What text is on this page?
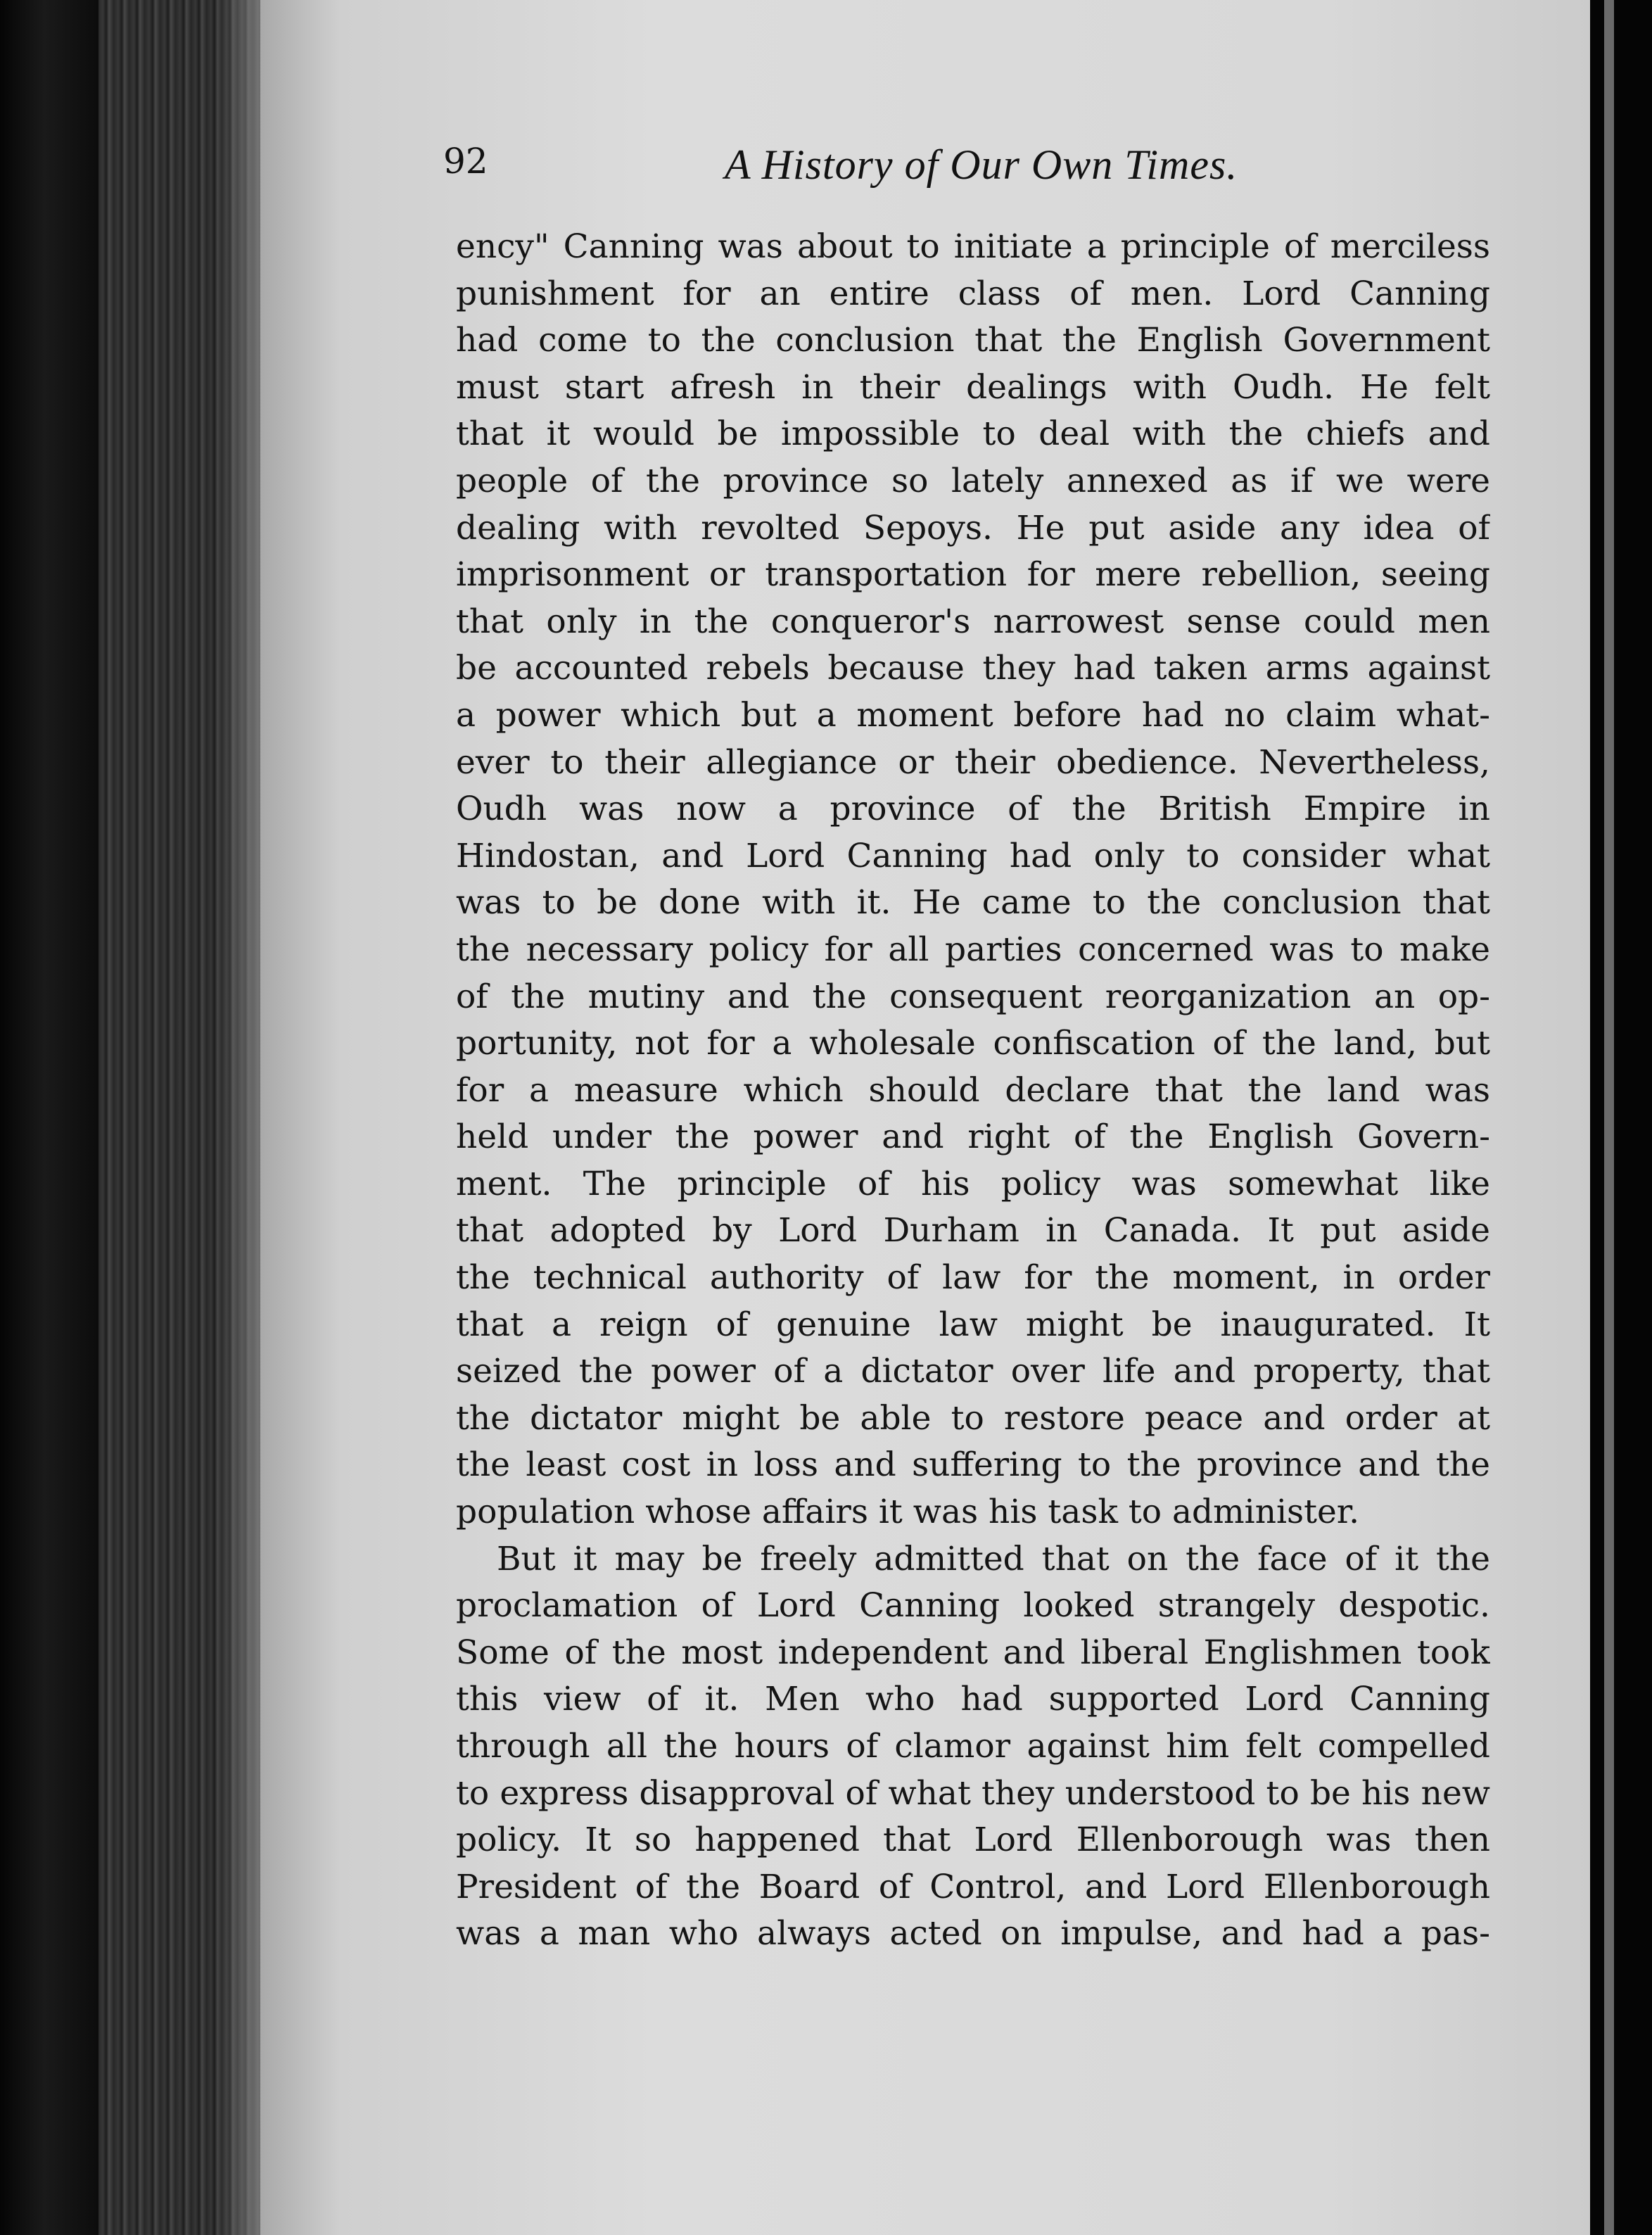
92	A History of Our Own Times.
ency" Canning was about to initiate a principle of merciless
punishment for an entire class of men. Lord Canning
had come to the conclusion that the English Government
must start afresh in their dealings with Oudh. He felt
that it would be impossible to deal with the chiefs and
people of the province so lately annexed as if we were
dealing with revolted Sepoys. He put aside any idea of
imprisonment or transportation for mere rebellion, seeing
that only in the conqueror's narrowest sense could men
be accounted rebels because they had taken arms against
a power which but a moment before had no claim what-
ever to their allegiance or their obedience. Nevertheless,
Oudh was now a province of the British Empire in
Hindostan, and Lord Canning had only to consider what
was to be done with it. He came to the conclusion that
the necessary policy for all parties concerned was to make
of the mutiny and the consequent reorganization an op-
portunity, not for a wholesale confiscation of the land, but
for a measure which should declare that the land was
held under the power and right of the English Govern-
ment. The principle of his policy was somewhat like
that adopted by Lord Durham in Canada. It put aside
the technical authority of law for the moment, in order
that a reign of genuine law might be inaugurated. It
seized the power of a dictator over life and property, that
the dictator might be able to restore peace and order at
the least cost in loss and suffering to the province and the
population whose affairs it was his task to administer.
But it may be freely admitted that on the face of it the
proclamation of Lord Canning looked strangely despotic.
Some of the most independent and liberal Englishmen took
this view of it. Men who had supported Lord Canning
through all the hours of clamor against him felt compelled
to express disapproval of what they understood to be his new
policy. It so happened that Lord Ellenborough was then
President of the Board of Control, and Lord Ellenborough
was a man who always acted on impulse, and had a pas-
